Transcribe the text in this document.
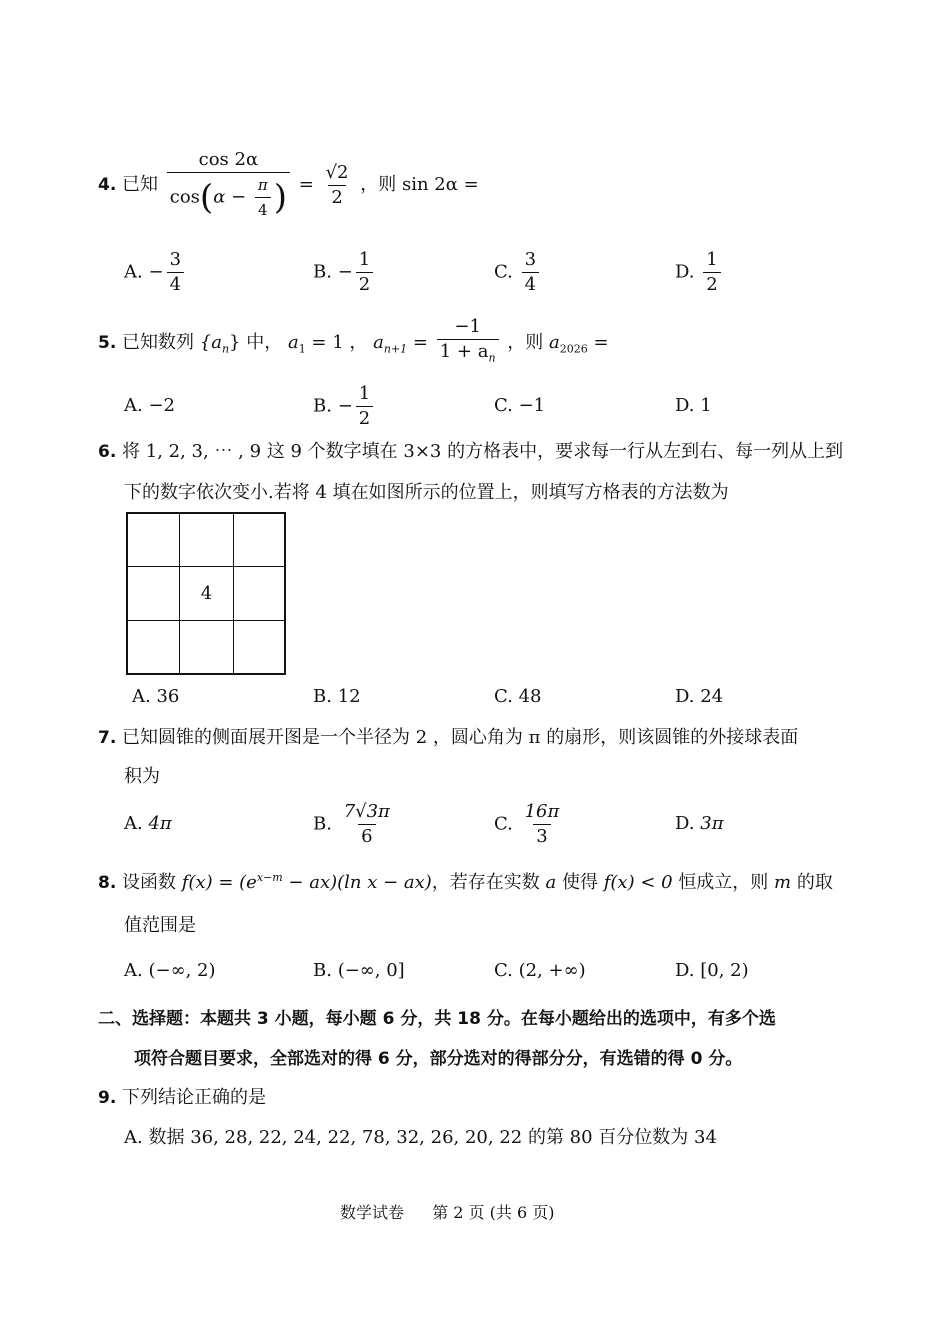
4. 已知 $\frac{\cos 2\alpha}{\cos(\alpha - \frac{\pi}{4} )} = \frac{√2}{2}$ ，则 sin 2α =
A. − $\frac{3}{4}$	B. − $\frac{1}{2}$	C. $\frac{3}{4}$	D. $\frac{1}{2}$
5. 已知数列 $\{a_n\}$ 中， $a_1 = 1$ ， $a_{n+1} = \frac{-1}{1 + a_n}$ ，则 $a_{2026}$ =
A. −2	B. − $\frac{1}{2}$	C. −1	D. 1
6. 将 1, 2, 3, ⋯ , 9 这 9 个数字填在 3×3 的方格表中，要求每一行从左到右、每一列从上到
下的数字依次变小.若将 4 填在如图所示的位置上，则填写方格表的方法数为
4
A. 36	B. 12	C. 48	D. 24
7. 已知圆锥的侧面展开图是一个半径为 2 ，圆心角为 π 的扇形，则该圆锥的外接球表面
积为
A. 4π	B. $\frac{7√3\pi}{6}$	C. $\frac{16\pi}{3}$	D. 3π
8. 设函数 $f(x) = (e^{x-m} - ax)(\ln$ x − ax)，若存在实数 a 使得 f(x) < 0 恒成立，则 m 的取
值范围是
A. (−∞, 2)	B. (−∞, 0]	C. (2, +∞)	D. [0, 2)
二、选择题：本题共 3 小题，每小题 6 分，共 18 分。在每小题给出的选项中，有多个选
项符合题目要求，全部选对的得 6 分，部分选对的得部分分，有选错的得 0 分。
9. 下列结论正确的是
A. 数据 36, 28, 22, 24, 22, 78, 32, 26, 20, 22 的第 80 百分位数为 34
数学试卷 第 2 页 (共 6 页)
